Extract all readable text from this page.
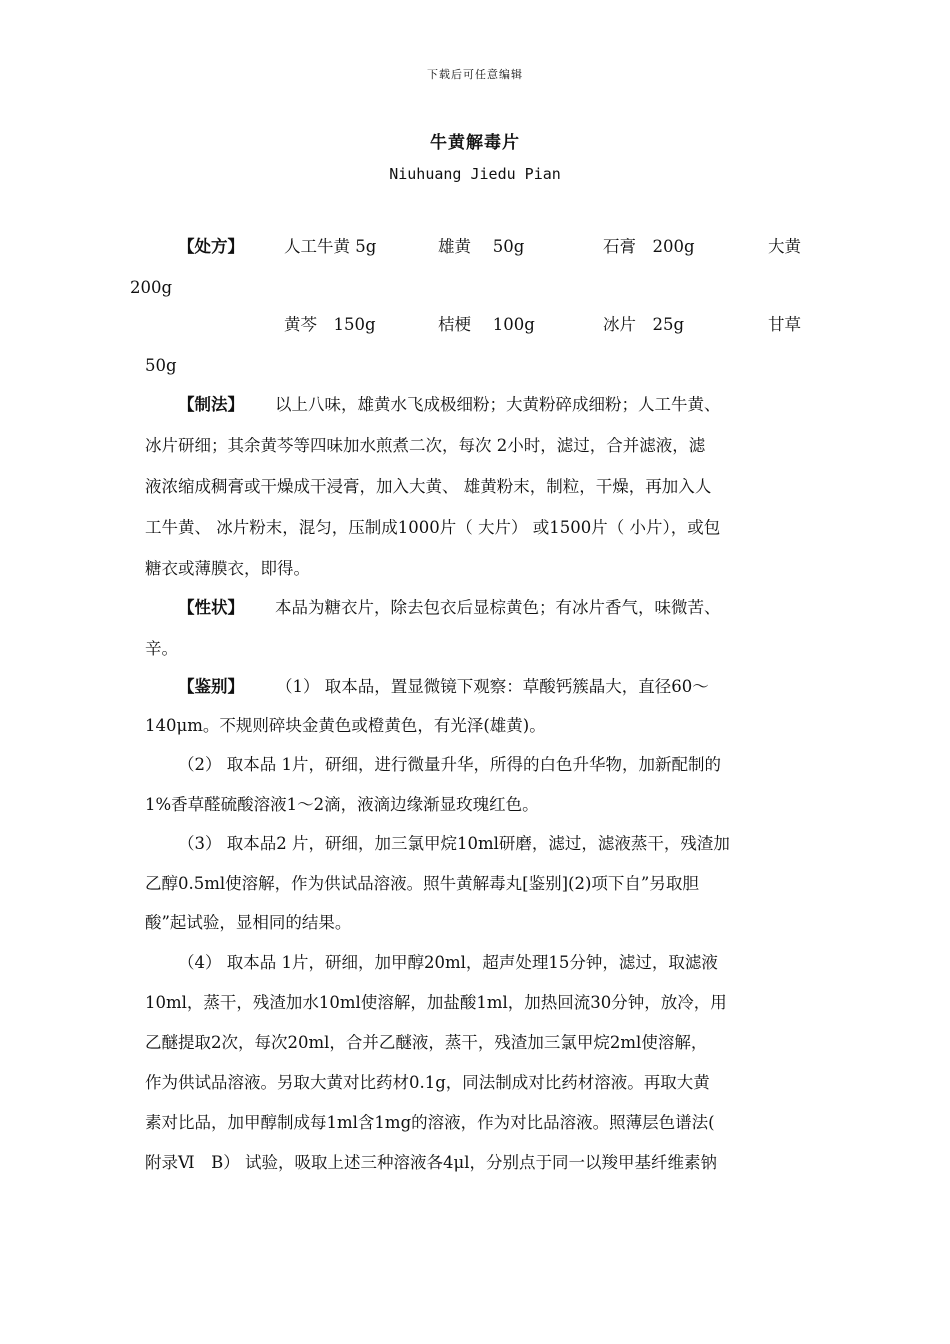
下载后可任意编辑
牛黄解毒片
Niuhuang Jiedu Pian
【处方】 人工牛黄 5g	雄黄　 50g	石膏　200g	大黄
200g
黄芩　150g	桔梗　 100g	冰片　25g	甘草
50g
【制法】 以上八味，雄黄水飞成极细粉；大黄粉碎成细粉；人工牛黄、
冰片研细；其余黄芩等四味加水煎煮二次，每次 2小时，滤过，合并滤液，滤
液浓缩成稠膏或干燥成干浸膏，加入大黄、 雄黄粉末，制粒，干燥，再加入人
工牛黄、 冰片粉末，混匀，压制成1000片（ 大片） 或1500片（ 小片），或包
糖衣或薄膜衣，即得。
【性状】 本品为糖衣片，除去包衣后显棕黄色；有冰片香气，味微苦、
辛。
【鉴别】 （1） 取本品，置显微镜下观察：草酸钙簇晶大，直径60～
140μm。不规则碎块金黄色或橙黄色，有光泽(雄黄)。
（2） 取本品 1片，研细，进行微量升华，所得的白色升华物，加新配制的
1%香草醛硫酸溶液1～2滴，液滴边缘渐显玫瑰红色。
（3） 取本品2 片，研细，加三氯甲烷10ml研磨，滤过，滤液蒸干，残渣加
乙醇0.5ml使溶解，作为供试品溶液。照牛黄解毒丸[鉴别](2)项下自”另取胆
酸”起试验，显相同的结果。
（4） 取本品 1片，研细，加甲醇20ml，超声处理15分钟，滤过，取滤液
10ml，蒸干，残渣加水10ml使溶解，加盐酸1ml，加热回流30分钟，放冷，用
乙醚提取2次，每次20ml，合并乙醚液，蒸干，残渣加三氯甲烷2ml使溶解，
作为供试品溶液。另取大黄对比药材0.1g，同法制成对比药材溶液。再取大黄
素对比品，加甲醇制成每1ml含1mg的溶液，作为对比品溶液。照薄层色谱法(
附录Ⅵ　B） 试验，吸取上述三种溶液各4μl，分别点于同一以羧甲基纤维素钠
